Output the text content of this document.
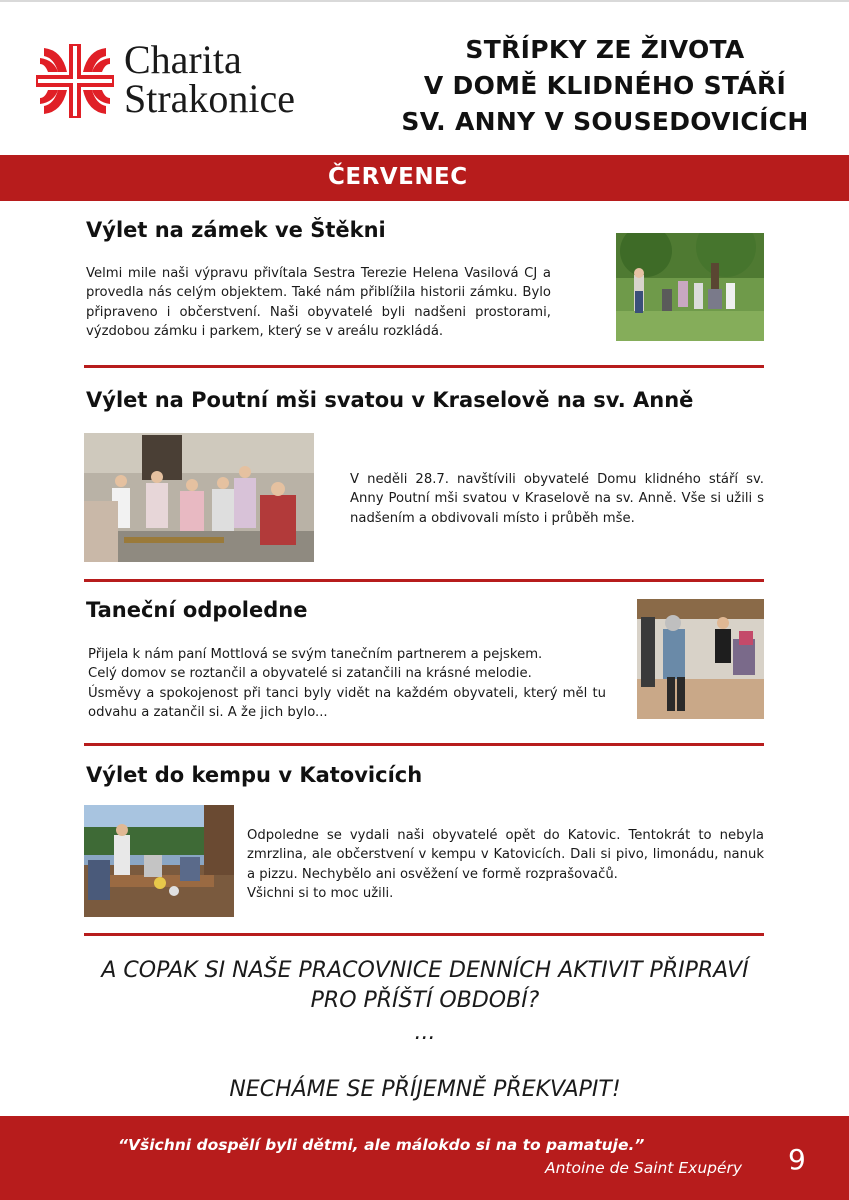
Charita
Strakonice
STŘÍPKY ZE ŽIVOTA
V DOMĚ KLIDNÉHO STÁŘÍ
SV. ANNY V SOUSEDOVICÍCH
ČERVENEC
Výlet na zámek ve Štěkni
Velmi mile naši výpravu přivítala Sestra Terezie Helena Vasilová CJ a provedla nás celým objektem. Také nám přiblížila historii zámku. Bylo připraveno i občerstvení. Naši obyvatelé byli nadšeni prostorami, výzdobou zámku i parkem, který se v areálu rozkládá.
Výlet na Poutní mši svatou v Kraselově na sv. Anně
V neděli 28.7. navštívili obyvatelé Domu klidného stáří sv. Anny Poutní mši svatou v Kraselově na sv. Anně. Vše si užili s nadšením a obdivovali místo i průběh mše.
Taneční odpoledne

Přijela k nám paní Mottlová se svým tanečním partnerem a pejskem.

Celý domov se roztančil a obyvatelé si zatančili na krásné melodie.

Úsměvy a spokojenost při tanci byly vidět na každém obyvateli, který měl tu odvahu a zatančil si. A že jich bylo...

Výlet do kempu v Katovicích

Odpoledne se vydali naši obyvatelé opět do Katovic. Tentokrát to nebyla zmrzlina, ale občerstvení v kempu v Katovicích. Dali si pivo, limonádu, nanuk a pizzu. Nechybělo ani osvěžení ve formě rozprašovačů.

Všichni si to moc užili.

A COPAK SI NAŠE PRACOVNICE DENNÍCH AKTIVIT PŘIPRAVÍ
PRO PŘÍŠTÍ OBDOBÍ?
...
NECHÁME SE PŘÍJEMNĚ PŘEKVAPIT!
“Všichni dospělí byli dětmi, ale málokdo si na to pamatuje.”
Antoine de Saint Exupéry 9
